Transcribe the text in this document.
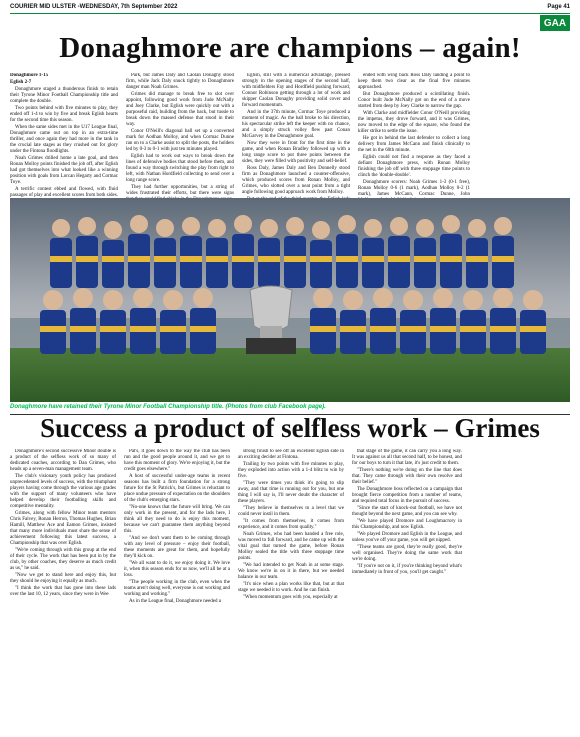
COURIER MID ULSTER -WEDNESDAY, 7th September 2022	Page 41
GAA
Donaghmore are champions – again!

Donaghmore 1-15

Eglish 2-7

Donaghmore staged a thunderous finish to retain their Tyrone Minor Football Championship title and complete the double.

Two points behind with five minutes to play, they ended off 1-4 to win by five and break Eglish hearts for the second time this season.

When the same sides met in the U17 League final, Donaghmore came out on top in an extra-time thriller, and once again they had more in the tank in the crucial late stages as they crushed out for glory under the Fintona floodlights.

Noah Grimes drilled home a late goal, and then Ronan Molloy points finished the job off, after Eglish had got themselves into what looked like a winning position with goals from Lorcan Hegarty and Cormac Toye.

A terrific contest ebbed and flowed, with fluid passages of play and excellent scores from both sides.

Park, but James Daly and Caolan Donaghy stood firm, while Jack Daly snuck tightly to Donaghmore danger man Noah Grimes.

Grimes did manage to break free to slot over appoint, following good work from Jude McNally and Joey Clarke, but Eglish were quickly out with a purposeful raid, building from the back, but tussle to break down the massed defense that stood in their way.

Conor O'Neill's diagonal ball set up a converted mark for Aodhan Molloy, and when Cormac Dunne ran on to a Clarke assist to split the posts, the holders led by 0-3 to 0-1 with just ten minutes played.

Eglish had to work out ways to break down the lines of defensive bodies that stood before them, and found a way through switching the play from right to left, with Nathan Hordfield collecting to send over a long range score.

They had further opportunities, but a string of wides frustrated their efforts, but there were signs

Eglish, still with a numerical advantage, pressed strongly in the opening stages of the second half, with midfielders Fay and Hordfield pushing forward, Connor Robinson getting through a lot of work and skipper Caolan Donaghy providing solid cover and forward momentum.

And in the 37th minute, Cormac Toye produced a moment of magic. As the ball broke to his direction, his spectacular strike left the keeper with no chance, and a simply struck volley flew past Conan McGarvey in the Donaghmore goal.

Now they were in front for the first time in the game, and when Ronan Bradley followed up with a long range score to put three points between the sides, they were filled with positivity and self-belief.

Ross Daly, James Daly and Ben Donnelly stood firm as Donaghmore launched a counter-offensive, which produced scores from Ronan Molloy, and Grimes, who slotted over a neat point from a tight angle following good approach work from Molloy.

ended with wing back Ross Daly landing a point to keep them two clear as the final five minutes approached.

But Donaghmore produced a scintillating finish. Conor built Jude McNally got on the end of a move started from deep by Joey Clarke to narrow the gap.

With Clarke and midfielder Conor O'Neill providing the impetus, they drove forward, and it was Grimes, now moved to the edge of the square, who found the killer strike to settle the issue.

He got in behind the last defender to collect a long delivery from James McCann and finish clinically to the net in the 60th minute.

Eglish could not find a response as they faced a defiant Donaghmore press, with Ronan Molloy finishing the job off with three stoppage time points to clinch the 'double-double'.

Donaghmore scorers: Noah Grimes 1-3 (0-1 free), Ronan Molloy 0-6 (1 mark), Aodhan Molloy 0-2 (1 mark), James McCann, Cormac Dunne, John

Donaghmore have retained their Tyrone Minor Football Championship title. (Photos from club Facebook page).
Success a product of selfless work – Grimes

Donaghmore's second successive Minor double is a product of the selfless work of so many of dedicated coaches, according to Dan Grimes, who heads up a seven-man management team.

The club's visionary youth policy has produced unprecedented levels of success, with the triumphant players having come through the various age grades with the support of many volunteers who have helped develop their footballing skills and competitive mentality.

Grimes, along with fellow Minor team mentors Chris Falvey, Ronan Herron, Thomas Hughes, Brian Hamill, Matthew Ace and Eamon Grimes, insisted that many more individuals must share the sense of achievement following this latest success, a Championship that was over Eglish.

"We're coming through with this group at the end of their cycle. The work that has been put in by the club, by other coaches, they deserve as much credit as us," he said.

"Now we get to stand here and enjoy this, but they should be enjoying it equally as much.

"I think the work that has gone into these lads over the last 10, 12 years, since they were in Wee

Pat's, it goes down to the way the club has been run and the good people around it, and we get to have this moment of glory. We're enjoying it, but the credit goes elsewhere."

A host of successful under-age teams in recent seasons has built a firm foundation for a strong future for the St Patrick's, but Grimes is reluctant to place undue pressure of expectation on the shoulders of the club's emerging stars.

"No-one knows that the future will bring. We can only work in the present, and for the lads here, I think all they need to do is enjoy this moment, because we can't guarantee them anything beyond this.

"And we don't want them to be coming through with any level of pressure – enjoy their football, these moments are great for them, and hopefully they'll kick on.

"We all want to do it, we enjoy doing it. We love it, when this season ends for us now, we'll all be at a loss.

"The people working in the club, even when the teams aren't doing well, everyone is out working and working and working."

As in the League final, Donaghmore needed a

strong finish to see off an excellent Eglish side in an exciting decider at Fintona.

Trailing by two points with five minutes to play, they exploded into action with a 1-4 blitz to win by five.

"They were times you think it's going to slip away, and that time is running out for you, but one thing I will say is, I'll never doubt the character of these players.

"They believe in themselves to a level that we could never instil in them.

"It comes from themselves, it comes from experience, and it comes from quality."

Noah Grimes, who had been handed a free role, was moved to full forward, and he came up with the vital goal that turned the game, before Ronan Molloy sealed the title with three stoppage time points.

"We had intended to get Noah in at some stage. We know we're in on it in there, but we needed balance in our team.

"It's nice when a plan works like that, but at that stage we needed it to work. And he can finish.

"When momentum goes with you, especially at

that stage of the game, it can carry you a long way. It was against us all that second half, to be honest, and for our boys to turn it that late, it's just credit to them.

"There's nothing we're doing on the line that does that. They came through with their own resolve and their belief."

The Donaghmore boss reflected on a campaign that brought fierce competition from a number of teams, and required total focus in the pursuit of success.

"Since the start of knock-out football, we have not thought beyond the next game, and you can see why.

"We have played Dromore and Loughmacrory in this Championship, and now Eglish.

"We played Dromore and Eglish in the League, and unless you've off your game, you will get nipped.

"These teams are good, they're really good, they're well organised. They're doing the same work that we're doing.

"If you're not on it, if you're thinking beyond what's immediately in front of you, you'll get caught."
